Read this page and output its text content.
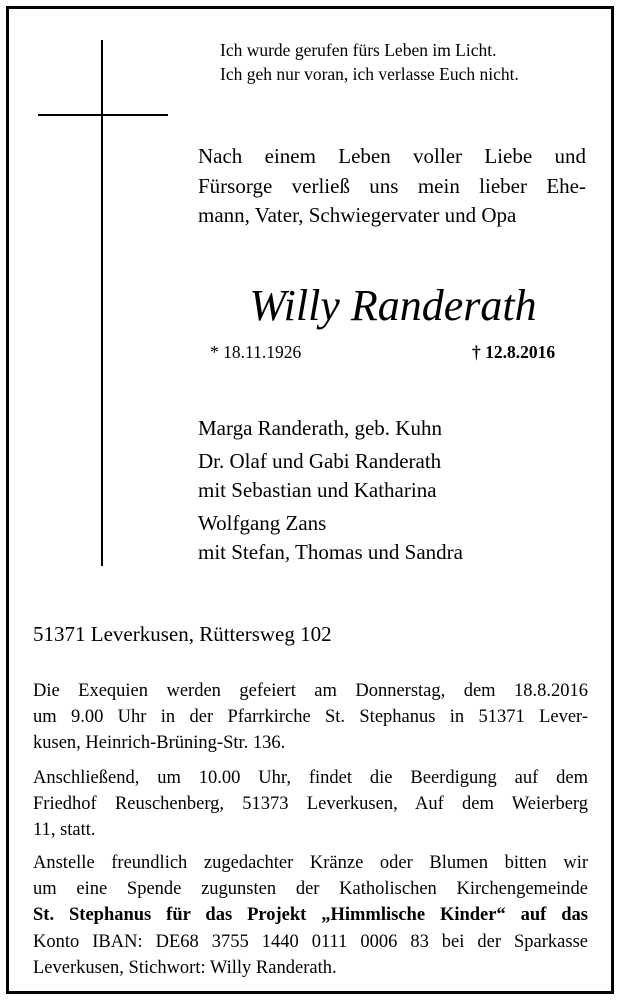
Ich wurde gerufen fürs Leben im Licht.
Ich geh nur voran, ich verlasse Euch nicht.
Nach einem Leben voller Liebe und
Fürsorge verließ uns mein lieber Ehe-
mann, Vater, Schwiegervater und Opa
Willy Randerath
* 18.11.1926	† 12.8.2016
Marga Randerath, geb. Kuhn
Dr. Olaf und Gabi Randerath
mit Sebastian und Katharina
Wolfgang Zans
mit Stefan, Thomas und Sandra
51371 Leverkusen, Rüttersweg 102
Die Exequien werden gefeiert am Donnerstag, dem 18.8.2016
um 9.00 Uhr in der Pfarrkirche St. Stephanus in 51371 Lever-
kusen, Heinrich-Brüning-Str. 136.
Anschließend, um 10.00 Uhr, findet die Beerdigung auf dem
Friedhof Reuschenberg, 51373 Leverkusen, Auf dem Weierberg
11, statt.
Anstelle freundlich zugedachter Kränze oder Blumen bitten wir
um eine Spende zugunsten der Katholischen Kirchengemeinde
St. Stephanus für das Projekt „Himmlische Kinder“ auf das
Konto IBAN: DE68 3755 1440 0111 0006 83 bei der Sparkasse
Leverkusen, Stichwort: Willy Randerath.
